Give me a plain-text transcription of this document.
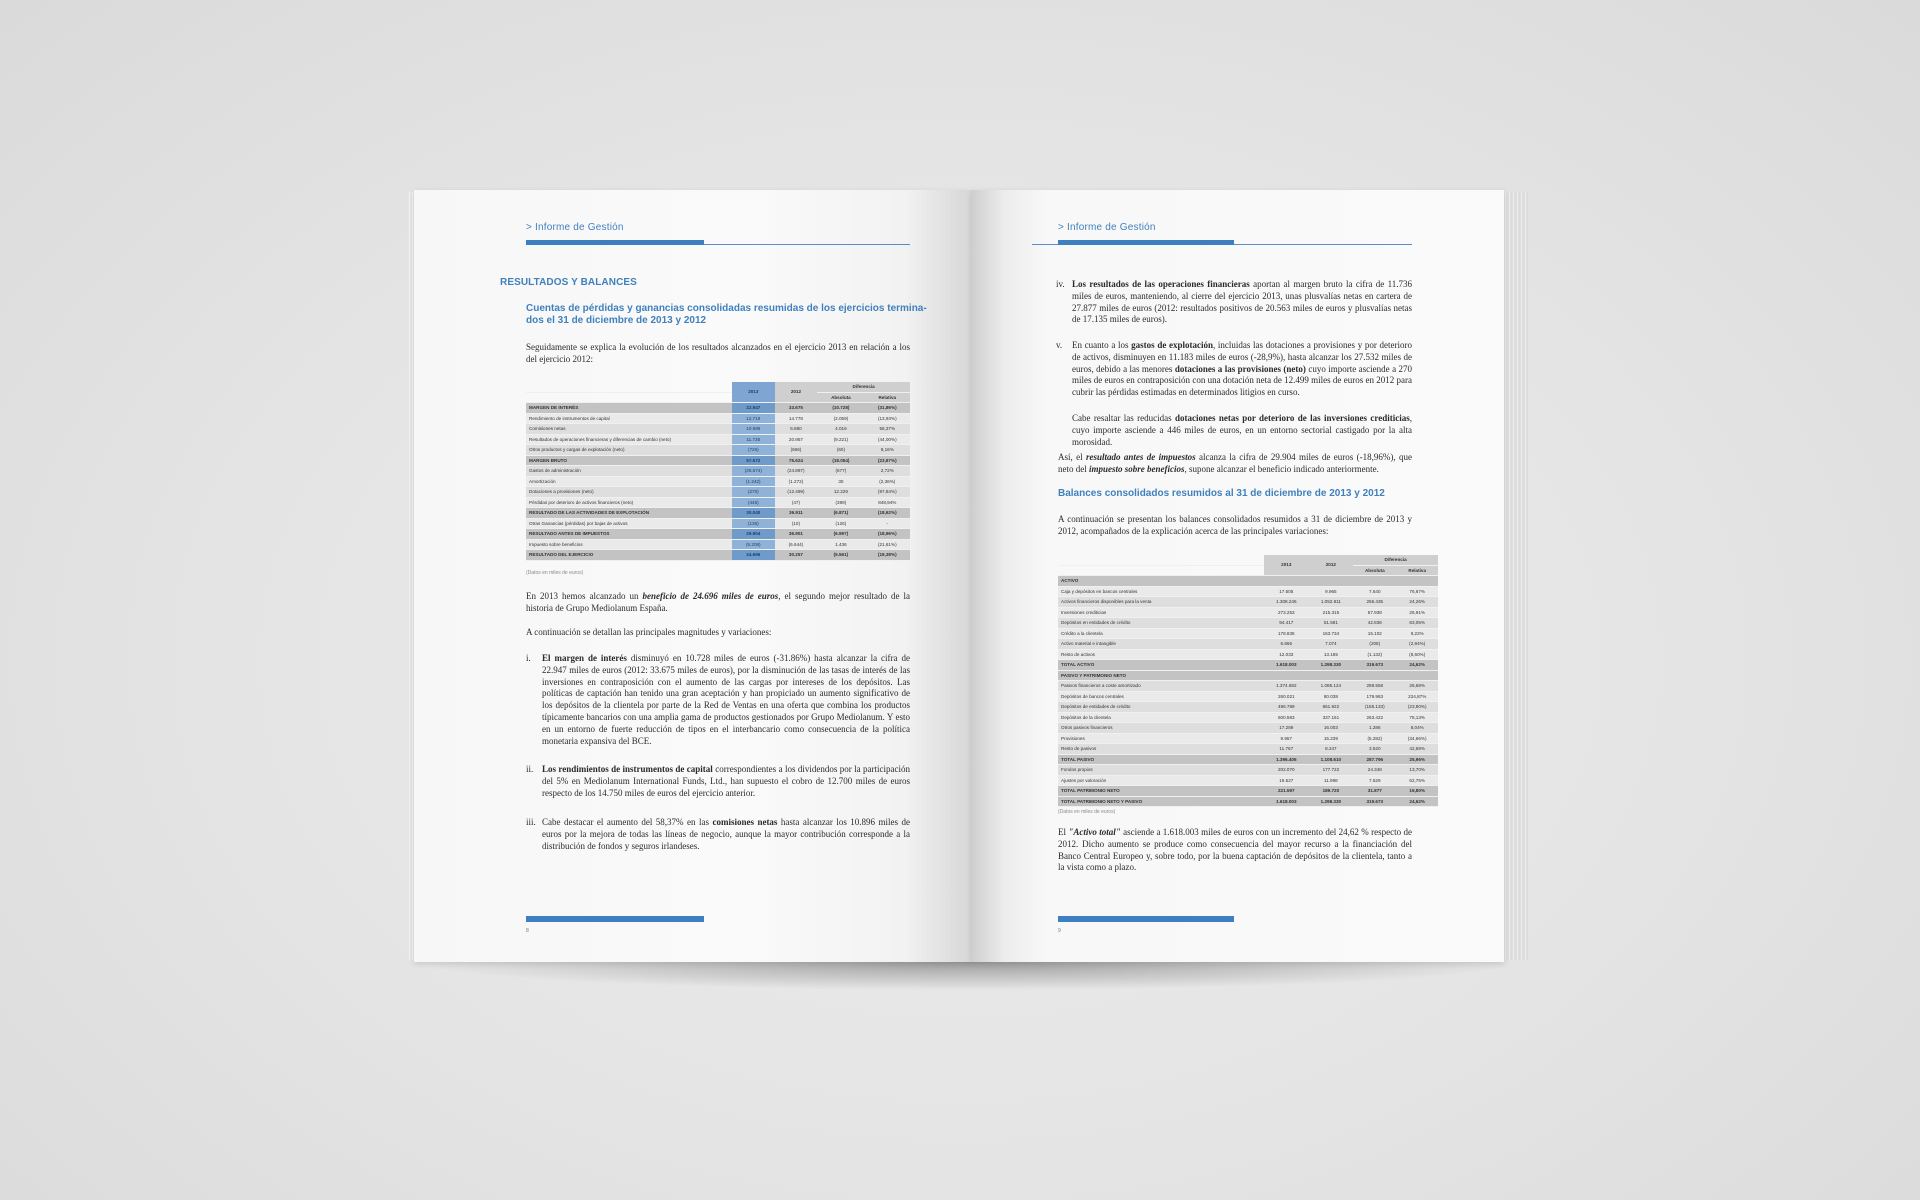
> Informe de Gestión
RESULTADOS Y BALANCES
Cuentas de pérdidas y ganancias consolidadas resumidas de los ejercicios termina-
dos el 31 de diciembre de 2013 y 2012

Seguidamente se explica la evolución de los resultados alcanzados en el ejercicio 2013 en relación a los del ejercicio 2012:

	2013	2012	Diferencia	
			Absoluta	Relativa
MARGEN DE INTERÉS	22.947	33.675	(10.728)	(31,86%)
Rendimiento de instrumentos de capital	12.719	14.778	(2.059)	(13,93%)
Comisiones netas	10.896	6.880	4.016	58,37%
Resultados de operaciones financieras y diferencias de cambio (neto)	11.736	20.957	(9.221)	(44,00%)
Otros productos y cargas de explotación (neto)	(726)	(666)	(60)	9,16%
MARGEN BRUTO	57.572	75.624	(18.054)	(23,87%)
Gastos de administración	(25.574)	(24.897)	(677)	2,72%
Amortización	(1.242)	(1.272)	30	(2,36%)
Dotaciones a provisiones (neto)	(270)	(12.499)	12.229	(97,84%)
Pérdidas por deterioro de activos financieros (neto)	(446)	(47)	(399)	848,94%
RESULTADO DE LAS ACTIVIDADES DE EXPLOTACIÓN	30.040	36.911	(6.871)	(18,62%)
Otras Ganancias (pérdidas) por bajas de activos	(136)	(10)	(126)	-
RESULTADO ANTES DE IMPUESTOS	29.904	36.901	(6.997)	(18,96%)
Impuesto sobre beneficios	(5.208)	(6.644)	1.436	(21,61%)
RESULTADO DEL EJERCICIO	24.696	30.257	(5.561)	(18,38%)
(Datos en miles de euros)

En 2013 hemos alcanzado un beneficio de 24.696 miles de euros, el segundo mejor resultado de la historia de Grupo Mediolanum España.

A continuación se detallan las principales magnitudes y variaciones:

i. El margen de interés disminuyó en 10.728 miles de euros (-31.86%) hasta alcanzar la cifra de 22.947 miles de euros (2012: 33.675 miles de euros), por la disminución de las tasas de interés de las inversiones en contraposición con el aumento de las cargas por intereses de los depósitos. Las políticas de captación han tenido una gran aceptación y han propiciado un aumento significativo de los depósitos de la clientela por parte de la Red de Ventas en una oferta que combina los productos típicamente bancarios con una amplia gama de productos gestionados por Grupo Mediolanum. Y esto en un entorno de fuerte reducción de tipos en el interbancario como consecuencia de la política monetaria expansiva del BCE.
ii. Los rendimientos de instrumentos de capital correspondientes a los dividendos por la participación del 5% en Mediolanum International Funds, Ltd., han supuesto el cobro de 12.700 miles de euros respecto de los 14.750 miles de euros del ejercicio anterior.
iii. Cabe destacar el aumento del 58,37% en las comisiones netas hasta alcanzar los 10.896 miles de euros por la mejora de todas las líneas de negocio, aunque la mayor contribución corresponde a la distribución de fondos y seguros irlandeses.
8
> Informe de Gestión
iv. Los resultados de las operaciones financieras aportan al margen bruto la cifra de 11.736 miles de euros, manteniendo, al cierre del ejercicio 2013, unas plusvalías netas en cartera de 27.877 miles de euros (2012: resultados positivos de 20.563 miles de euros y plusvalías netas de 17.135 miles de euros).
v. En cuanto a los gastos de explotación, incluidas las dotaciones a provisiones y por deterioro de activos, disminuyen en 11.183 miles de euros (-28,9%), hasta alcanzar los 27.532 miles de euros, debido a las menores dotaciones a las provisiones (neto) cuyo importe asciende a 270 miles de euros en contraposición con una dotación neta de 12.499 miles de euros en 2012 para cubrir las pérdidas estimadas en determinados litigios en curso.
Cabe resaltar las reducidas dotaciones netas por deterioro de las inversiones crediticias, cuyo importe asciende a 446 miles de euros, en un entorno sectorial castigado por la alta morosidad.

Así, el resultado antes de impuestos alcanza la cifra de 29.904 miles de euros (-18,96%), que neto del impuesto sobre beneficios, supone alcanzar el beneficio indicado anteriormente.

Balances consolidados resumidos al 31 de diciembre de 2013 y 2012

A continuación se presentan los balances consolidados resumidos a 31 de diciembre de 2013 y 2012, acompañados de la explicación acerca de las principales variaciones:

	2013	2012	Diferencia	
			Absoluta	Relativa
ACTIVO				
Caja y depósitos en bancos centrales	17.605	9.965	7.640	76,67%
Activos financieros disponibles para la venta	1.308.246	1.052.811	255.435	24,26%
Inversiones crediticias	273.253	215.315	57.938	26,91%
Depósitos en entidades de crédito	94.417	51.581	42.836	83,05%
Crédito a la clientela	178.836	163.734	15.102	9,22%
Activo material e intangible	6.866	7.074	(208)	(2,94%)
Resto de activos	12.033	13.165	(1.132)	(8,60%)
TOTAL ACTIVO	1.618.003	1.298.330	319.673	24,62%
PASIVO Y PATRIMONIO NETO				
Pasivos financieros a coste amortizado	1.374.682	1.085.124	289.558	26,68%
Depósitos de bancos centrales	260.021	80.038	179.983	224,87%
Depósitos de entidades de crédito	496.789	651.922	(155.133)	(23,80%)
Depósitos de la clientela	600.583	337.161	263.422	78,13%
Otros pasivos financieros	17.289	16.003	1.286	8,04%
Provisiones	9.957	15.239	(5.282)	(34,66%)
Resto de pasivos	11.767	8.247	3.520	42,68%
TOTAL PASIVO	1.396.406	1.108.610	287.796	25,96%
Fondos propios	202.070	177.722	24.348	13,70%
Ajustes por valoración	19.527	11.998	7.529	62,75%
TOTAL PATRIMONIO NETO	221.597	189.720	31.877	16,80%
TOTAL PATRIMONIO NETO Y PASIVO	1.618.003	1.298.330	319.673	24,62%
(Datos en miles de euros)

El "Activo total" asciende a 1.618.003 miles de euros con un incremento del 24,62 % respecto de 2012. Dicho aumento se produce como consecuencia del mayor recurso a la financiación del Banco Central Europeo y, sobre todo, por la buena captación de depósitos de la clientela, tanto a la vista como a plazo.

9
